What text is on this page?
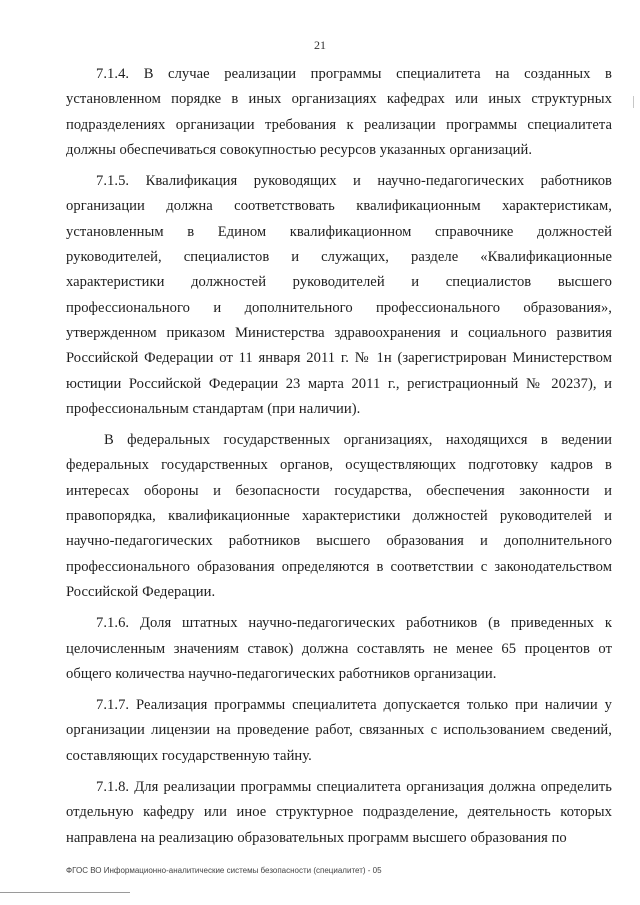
21

7.1.4. В случае реализации программы специалитета на созданных в установленном порядке в иных организациях кафедрах или иных структурных подразделениях организации требования к реализации программы специалитета должны обеспечиваться совокупностью ресурсов указанных организаций.

7.1.5. Квалификация руководящих и научно-педагогических работников организации должна соответствовать квалификационным характеристикам, установленным в Едином квалификационном справочнике должностей руководителей, специалистов и служащих, разделе «Квалификационные характеристики должностей руководителей и специалистов высшего профессионального и дополнительного профессионального образования», утвержденном приказом Министерства здравоохранения и социального развития Российской Федерации от 11 января 2011 г. № 1н (зарегистрирован Министерством юстиции Российской Федерации 23 марта 2011 г., регистрационный № 20237), и профессиональным стандартам (при наличии).

В федеральных государственных организациях, находящихся в ведении федеральных государственных органов, осуществляющих подготовку кадров в интересах обороны и безопасности государства, обеспечения законности и правопорядка, квалификационные характеристики должностей руководителей и научно-педагогических работников высшего образования и дополнительного профессионального образования определяются в соответствии с законодательством Российской Федерации.

7.1.6. Доля штатных научно-педагогических работников (в приведенных к целочисленным значениям ставок) должна составлять не менее 65 процентов от общего количества научно-педагогических работников организации.

7.1.7. Реализация программы специалитета допускается только при наличии у организации лицензии на проведение работ, связанных с использованием сведений, составляющих государственную тайну.

7.1.8. Для реализации программы специалитета организация должна определить отдельную кафедру или иное структурное подразделение, деятельность которых направлена на реализацию образовательных программ высшего образования по

ФГОС ВО Информационно-аналитические системы безопасности (специалитет) - 05
